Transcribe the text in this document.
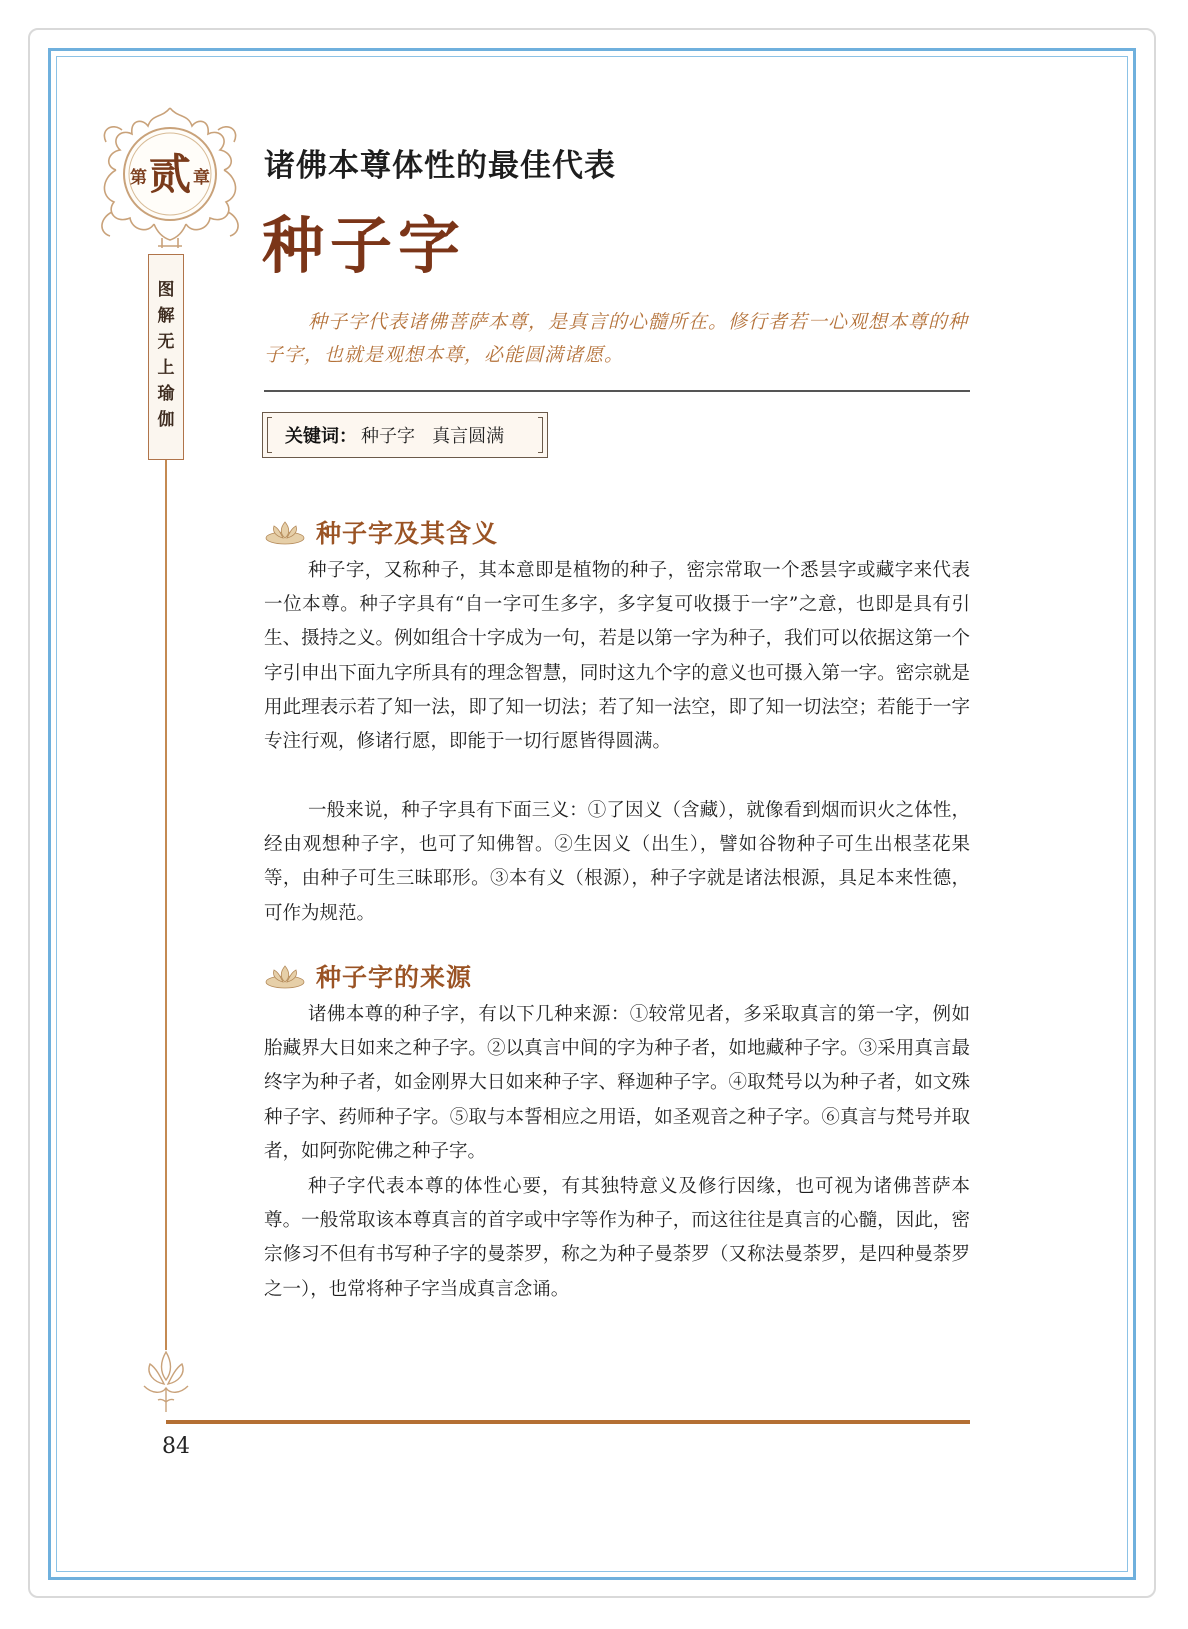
第 贰 章
图
解
无
上
瑜
伽
诸佛本尊体性的最佳代表
种子字
种子字代表诸佛菩萨本尊，是真言的心髓所在。修行者若一心观想本尊的种子字，也就是观想本尊，必能圆满诸愿。
关键词： 种子字   真言圆满
种子字及其含义

种子字，又称种子，其本意即是植物的种子，密宗常取一个悉昙字或藏字来代表一位本尊。种子字具有“自一字可生多字，多字复可收摄于一字”之意，也即是具有引生、摄持之义。例如组合十字成为一句，若是以第一字为种子，我们可以依据这第一个字引申出下面九字所具有的理念智慧，同时这九个字的意义也可摄入第一字。密宗就是用此理表示若了知一法，即了知一切法；若了知一法空，即了知一切法空；若能于一字专注行观，修诸行愿，即能于一切行愿皆得圆满。

一般来说，种子字具有下面三义：①了因义（含藏），就像看到烟而识火之体性，经由观想种子字，也可了知佛智。②生因义（出生），譬如谷物种子可生出根茎花果等，由种子可生三昧耶形。③本有义（根源），种子字就是诸法根源，具足本来性德，可作为规范。

种子字的来源

诸佛本尊的种子字，有以下几种来源：①较常见者，多采取真言的第一字，例如胎藏界大日如来之种子字。②以真言中间的字为种子者，如地藏种子字。③采用真言最终字为种子者，如金刚界大日如来种子字、释迦种子字。④取梵号以为种子者，如文殊种子字、药师种子字。⑤取与本誓相应之用语，如圣观音之种子字。⑥真言与梵号并取者，如阿弥陀佛之种子字。

种子字代表本尊的体性心要，有其独特意义及修行因缘，也可视为诸佛菩萨本尊。一般常取该本尊真言的首字或中字等作为种子，而这往往是真言的心髓，因此，密宗修习不但有书写种子字的曼荼罗，称之为种子曼荼罗（又称法曼荼罗，是四种曼荼罗之一），也常将种子字当成真言念诵。

84
